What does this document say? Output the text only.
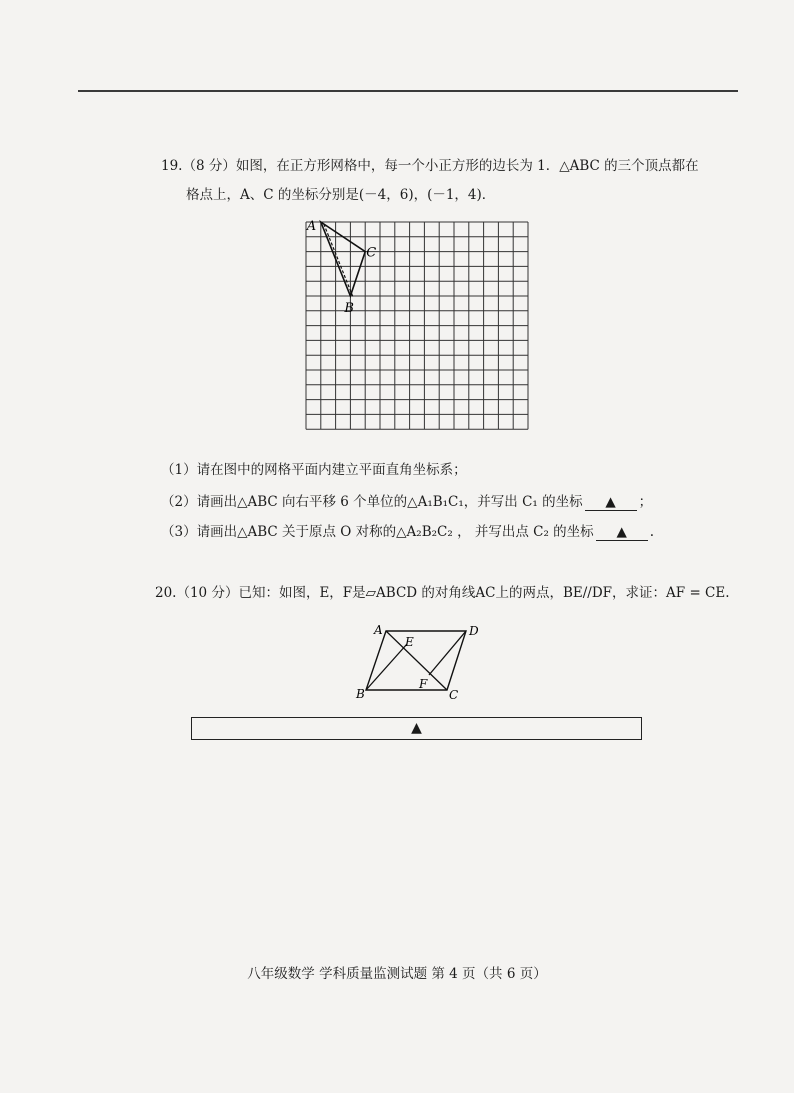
19.（8 分）如图，在正方形网格中，每一个小正方形的边长为 1．△ABC 的三个顶点都在
格点上，A、C 的坐标分别是(－4，6)，(－1，4)．
A
C
B
（1）请在图中的网格平面内建立平面直角坐标系；
（2）请画出△ABC 向右平移 6 个单位的△A₁B₁C₁，并写出 C₁ 的坐标 ▲ ；
（3）请画出△ABC 关于原点 O 对称的△A₂B₂C₂ ， 并写出点 C₂ 的坐标 ▲ .
20.（10 分）已知：如图，E，F是▱ABCD 的对角线AC上的两点，BE//DF，求证：AF = CE.
A	D
E
F
B	C
▲
八年级数学 学科质量监测试题 第 4 页（共 6 页）
